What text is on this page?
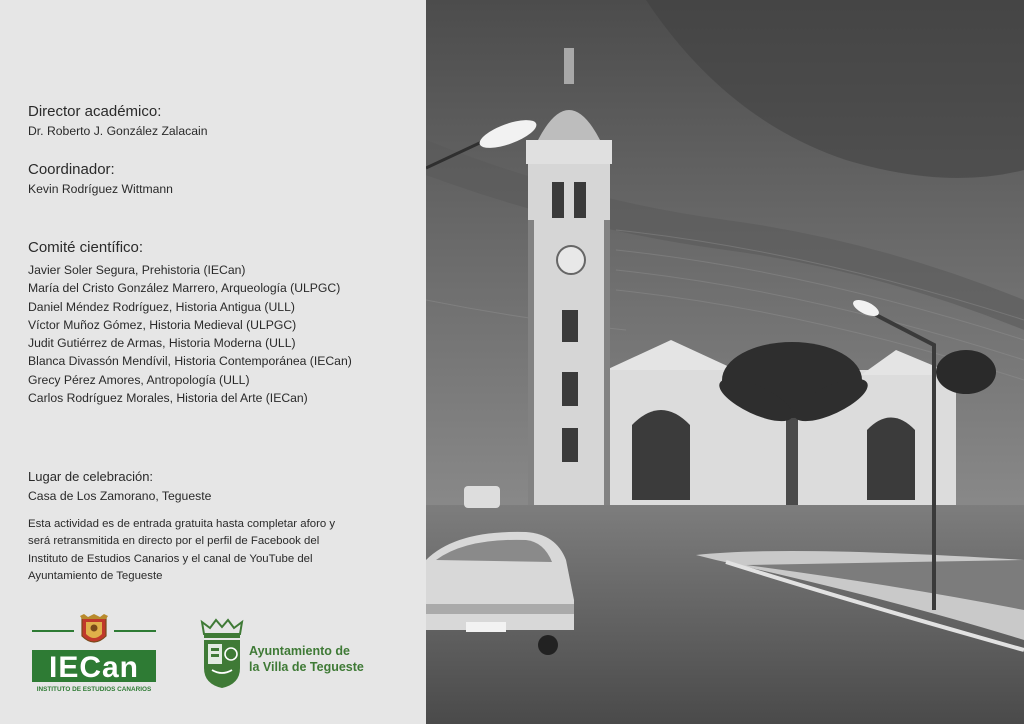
Director académico:
Dr. Roberto J. González Zalacain
Coordinador:
Kevin Rodríguez Wittmann
Comité científico:
Javier Soler Segura, Prehistoria (IECan)
María del Cristo González Marrero, Arqueología (ULPGC)
Daniel Méndez Rodríguez, Historia Antigua (ULL)
Víctor Muñoz Gómez, Historia Medieval (ULPGC)
Judit Gutiérrez de Armas, Historia Moderna (ULL)
Blanca Divassón Mendívil, Historia Contemporánea (IECan)
Grecy Pérez Amores, Antropología (ULL)
Carlos Rodríguez Morales, Historia del Arte (IECan)
Lugar de celebración:
Casa de Los Zamorano, Tegueste
Esta actividad es de entrada gratuita hasta completar aforo y será retransmitida en directo por el perfil de Facebook del Instituto de Estudios Canarios y el canal de YouTube del Ayuntamiento de Tegueste
IECan
INSTITUTO DE ESTUDIOS CANARIOS
Ayuntamiento de
la Villa de Tegueste
